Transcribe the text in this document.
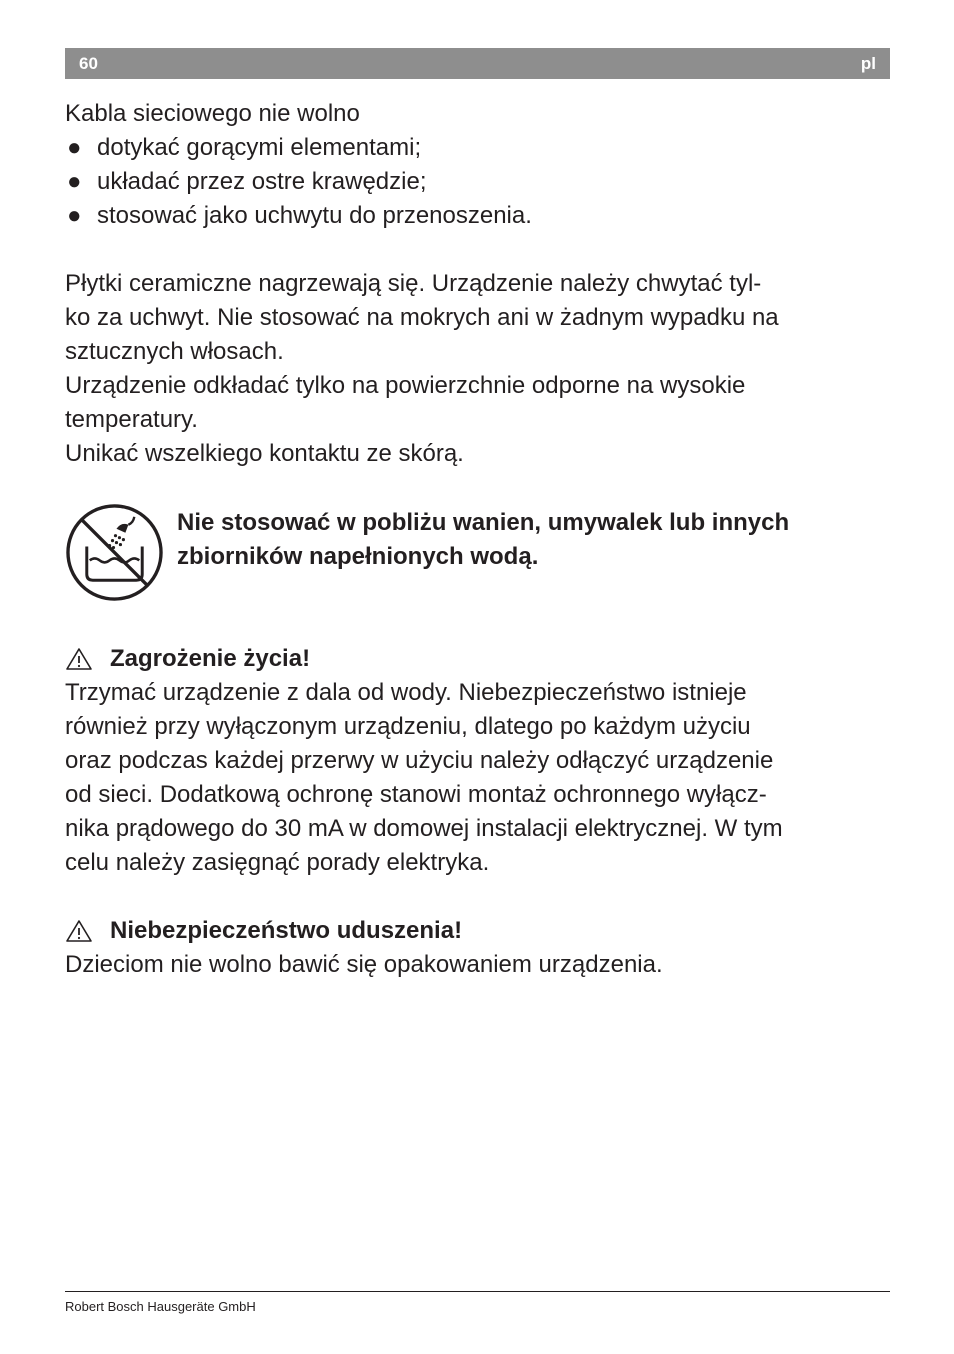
60	pl

Kabla sieciowego nie wolno

● dotykać gorącymi elementami;
● układać przez ostre krawędzie;
● stosować jako uchwytu do przenoszenia.

Płytki ceramiczne nagrzewają się. Urządzenie należy chwytać tyl-

ko za uchwyt. Nie stosować na mokrych ani w żadnym wypadku na

sztucznych włosach.

Urządzenie odkładać tylko na powierzchnie odporne na wysokie

temperatury.

Unikać wszelkiego kontaktu ze skórą.

Nie stosować w pobliżu wanien, umywalek lub innych
zbiorników napełnionych wodą.
Zagrożenie życia!

Trzymać urządzenie z dala od wody. Niebezpieczeństwo istnieje

również przy wyłączonym urządzeniu, dlatego po każdym użyciu

oraz podczas każdej przerwy w użyciu należy odłączyć urządzenie

od sieci. Dodatkową ochronę stanowi montaż ochronnego wyłącz-

nika prądowego do 30 mA w domowej instalacji elektrycznej. W tym

celu należy zasięgnąć porady elektryka.

Niebezpieczeństwo uduszenia!

Dzieciom nie wolno bawić się opakowaniem urządzenia.

Robert Bosch Hausgeräte GmbH
